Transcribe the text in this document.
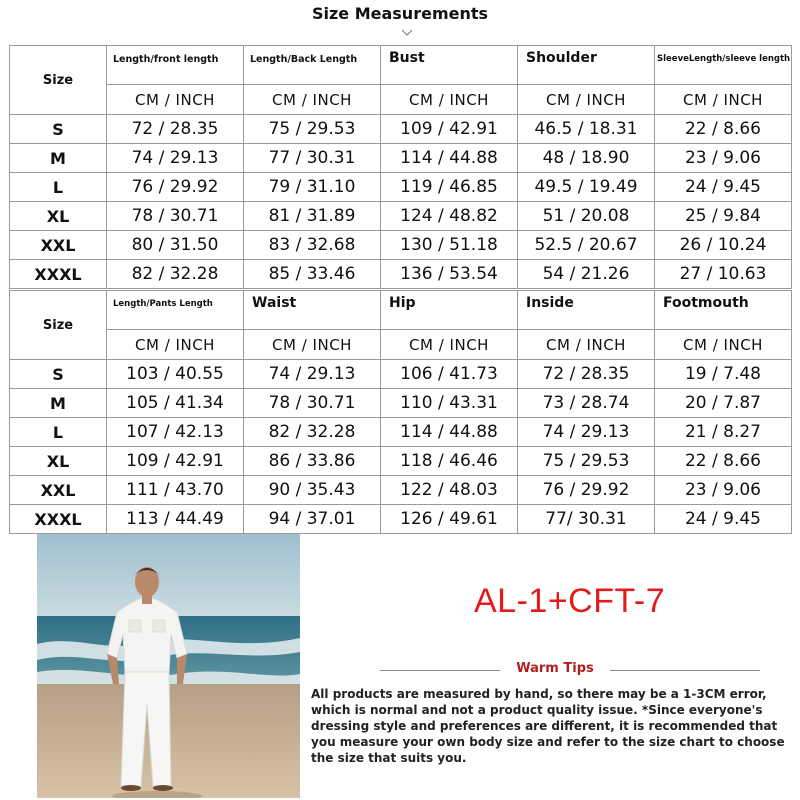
Size Measurements
Size	Length/front length	Length/Back Length	Bust	Shoulder	SleeveLength/sleeve length
	CM / INCH	CM / INCH	CM / INCH	CM / INCH	CM / INCH
S	72 / 28.35	75 / 29.53	109 / 42.91	46.5 / 18.31	22 / 8.66
M	74 / 29.13	77 / 30.31	114 / 44.88	48 / 18.90	23 / 9.06
L	76 / 29.92	79 / 31.10	119 / 46.85	49.5 / 19.49	24 / 9.45
XL	78 / 30.71	81 / 31.89	124 / 48.82	51 / 20.08	25 / 9.84
XXL	80 / 31.50	83 / 32.68	130 / 51.18	52.5 / 20.67	26 / 10.24
XXXL	82 / 32.28	85 / 33.46	136 / 53.54	54 / 21.26	27 / 10.63
Size	Length/Pants Length	Waist	Hip	Inside	Footmouth
	CM / INCH	CM / INCH	CM / INCH	CM / INCH	CM / INCH
S	103 / 40.55	74 / 29.13	106 / 41.73	72 / 28.35	19 / 7.48
M	105 / 41.34	78 / 30.71	110 / 43.31	73 / 28.74	20 / 7.87
L	107 / 42.13	82 / 32.28	114 / 44.88	74 / 29.13	21 / 8.27
XL	109 / 42.91	86 / 33.86	118 / 46.46	75 / 29.53	22 / 8.66
XXL	111 / 43.70	90 / 35.43	122 / 48.03	76 / 29.92	23 / 9.06
XXXL	113 / 44.49	94 / 37.01	126 / 49.61	77/ 30.31	24 / 9.45
AL-1+CFT-7
Warm Tips
All products are measured by hand, so there may be a 1-3CM error, which is normal and not a product quality issue. *Since everyone's dressing style and preferences are different, it is recommended that you measure your own body size and refer to the size chart to choose the size that suits you.
